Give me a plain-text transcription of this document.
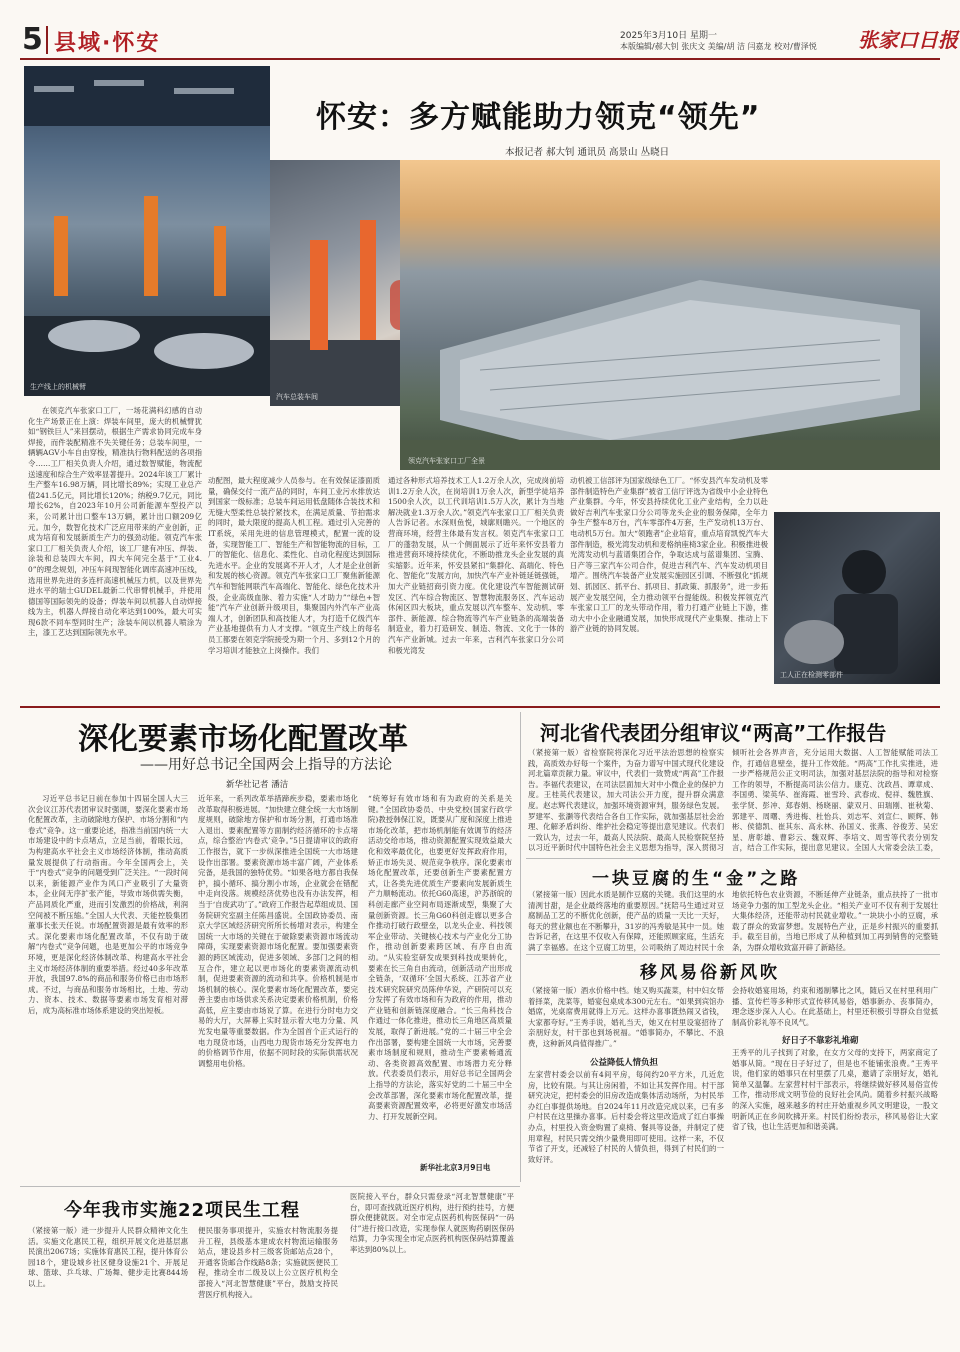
5 县域·怀安	2025年3月10日 星期一
本版编辑/郝大钊 张庆文 美编/胡 洁 闫嘉龙 校对/曹泽悦 张家口日报
生产线上的机械臂
汽车总装车间
领克汽车张家口工厂全景
怀安：多方赋能助力领克“领先”
本报记者 郝大钊 通讯员 高景山 丛晓日
在领克汽车张家口工厂，一场花满科幻感的自动化生产场景正在上演：焊装车间里，庞大的机械臂犹如“钢铁巨人”来回摆动，根据生产需求协同完成车身焊接，而件装配精准不失关键任务；总装车间里，一辆辆AGV小车自由穿梭，精准执行物料配送的各项指令……工厂相关负责人介绍，通过数智赋能，物流配送速度和综合生产效率显著提升。2024年该工厂累计生产整车16.98万辆，同比增长89%；实现工业总产值241.5亿元，同比增长120%；纳税9.7亿元，同比增长62%，自2023年10月公司新能源车型投产以来，公司累计出口整车13万辆，累计出口额209亿元。加今，数智化技术广泛应用带来的产业创新，正成为培育和发展新质生产力的强劲动能。领克汽车张家口工厂相关负责人介绍，该工厂建有冲压、焊装、涂装和总装四大车间，四大车间完全基于“工业4.0”的理念规划，冲压车间现智能化调库高速冲压线，选用世界先进的多连杆高速机械压力机，以及世界先进水平的瑞士GUDEL最新二代串臂机械手，并使用德国等国际领先的设备；焊装车间以机器人自动焊接线为主，机器人焊接自动化率达到100%，最大可实现6款不同车型同时生产；涂装车间以机器人喷涂为主，漆工艺达到国际领先水平。
动配图，最大程度减少人员参与。在有效保证漆面质量，确保交付一流产品的同时，车间工业污水排放达到国家一级标准；总装车间运用低盘随体合装技术和无缝大型柔性总装拧紧技术，在满足质量、节拍需求的同时，最大限度的提高人机工程。通过引入完善的IT系统，采用先进的信息管理模式，配置一流的设备，实现智能工厂、智能生产和智能物流的目标，工厂的智能化、信息化、柔性化、自动化程度达到国际先进水平。企业的发展离不开人才，人才是企业创新和发展的核心资源。领克汽车张家口工厂聚焦新能源汽车和智能网联汽车高端化、智能化、绿色化技术升级，企业高级血脉、着力实施“人才助力”“绿色+智能”汽车产业创新升级项目，集聚国内外汽车产业高端人才，创新团队和高技能人才，为打造千亿级汽车产业基地提供有力人才支撑。“领克生产线上的每名员工都要在领克学院接受为期一个月、多到12个月的学习培训才能独立上岗操作。我们
通过各种形式培养技术工人1.2万余人次，完成岗前培训1.2万余人次，在岗培训1万余人次，新型学徒培养1500余人次，以工代训培训1.5万人次，累计为当地解决就业1.3万余人次。”领克汽车张家口工厂相关负责人告诉记者。水深则鱼悦，城廓则瞻兴。一个地区的营商环境，经营主体最有发言权。领克汽车张家口工厂的蓬勃发展，从一个侧面展示了近年来怀安县着力推进营商环境持续优化，不断助推龙头企业发展的真实缩影。近年来，怀安县紧扣“集群化、高端化、特色化、智能化”发展方向，加快汽车产业补链延链强链，加大产业链招商引资力度。优化建设汽车智能测试研发区、汽车综合物流区、智慧物流服务区、汽车运动休闲区四大板块，重点发展以汽车整车、发动机、零部件、新能源、综合物流等汽车产业链条的高端装备制造业，着力打造研发、制造、物流、文化于一体的汽车产业新城。过去一年来，吉利汽车张家口分公司和极光湾发
动机被工信部评为国家级绿色工厂。“怀安县汽车发动机及零部件制造特色产业集群”被省工信厅评选为省级中小企业特色产业集群。今年，怀安县持续优化工业产业结构，全力以赴做好吉利汽车张家口分公司等龙头企业的服务保障，全年力争生产整车8万台，汽车零部件4万套，生产发动机13万台、电动机5万台。加大“领跑者”企业培育，重点培育凯悦汽车大部件制造，极光湾发动机和麦格纳座椅3家企业。积极推进极光湾发动机与蓝谱集团合作，争取达成与蓝谱集团、宝腾、日产等三家汽车公司合作，促进吉利汽车、汽车发动机项目增产。围绕汽车装备产业发展实施园区引调、不断强化“抓规划、抓园区、抓平台、抓项目、抓政策、抓服务”，进一步拓展产业发展空间，全力推动领平台提能级。积极发挥领克汽车张家口工厂的龙头带动作用，着力打通产业链上下游，推动大中小企业融通发展，加快形成现代产业集聚、推动上下游产业链的协同发展。
工人正在检测零部件
深化要素市场化配置改革
——用好总书记全国两会上指导的方法论
新华社记者 潘洁
习近平总书记日前在参加十四届全国人大三次会议江苏代表团审议时强调，要深化要素市场化配置改革，主动破除地方保护、市场分割和“内卷式”竞争。这一重要论述，指准当前国内统一大市场建设中的卡点堵点，立足当前，着眼长远，为构建高水平社会主义市场经济体制，推动高质量发展提供了行动指南。今年全国两会上，关于“内卷式”竞争的问题受到广泛关注。“一段时间以来，新能源产业作为风口产业吸引了大量资本，企业间无序扩张产能，导致市场供需失衡，产品同质化严重，进而引发激烈的价格战，利润空间被不断压缩。”全国人大代表、天能控股集团董事长张天任说。市场配置资源是最有效率的形式。深化要素市场化配置改革，不仅有助于破解“内卷式”竞争问题，也是更加公平的市场竞争环境，更是深化经济体制改革、构建高水平社会主义市场经济体制的重要举措。经过40多年改革开放，我国97.8%的商品和服务价格已由市场形成。不过，与商品和服务市场相比，土地、劳动力、资本、技术、数据等要素市场发育相对滞后，成为高标准市场体系建设的突出短板。
近年来，一系列改革举措蹄疾步稳，要素市场化改革取得积极进展。“加快建立健全统一大市场制度规则，破除地方保护和市场分割，打通市场准入退出、要素配置等方面制约经济循环的卡点堵点，综合整治‘内卷式’竞争。”5日提请审议的政府工作报告，就下一步纵深推进全国统一大市场建设作出部署。要素资源市场丰富广阔，产业体系完备，是我国的独特优势。“如果各地方都自我保护，搞小循环、搞分割小市场，企业就会在错配中走向没落。规模经济优势也没有办法发挥，相当于‘自废武功’了。”政府工作报告起草组成员、国务院研究室副主任陈昌盛说。全国政协委员、南京大学区域经济研究所所长杨增对表示，构建全国统一大市场的关键在于破除要素资源市场流动障碍，实现要素资源市场化配置。要加强要素资源的跨区域流动，促进多领域、多部门之间的相互合作，建立起以更市场化的要素资源流动机制，促进要素资源的流动和共享。价格机制是市场机制的核心。深化要素市场化配置改革，要完善主要由市场供求关系决定要素价格机制，价格高低，应主要由市场说了算。在进行分时电力交易的大厅，大屏幕上实时显示着大电力分量、风光发电量等重要数据。作为全国首个正式运行的电力现货市场，山西电力现货市场充分发挥电力的价格调节作用，依据不同时段的实际供需状况调整用电价格。
“统筹好有效市场和有为政府的关系是关键。”全国政协委员、中央党校(国家行政学院)教授韩保江说，既要从广度和深度上推进市场化改革，把市场机制能有效调节的经济活动交给市场，推动资源配置实现效益最大化和效率最优化，也要更好发挥政府作用，矫正市场失灵、规范竞争秩序。深化要素市场化配置改革，还要创新生产要素配置方式，让各类先进优质生产要素向发展新质生产力顺畅流动。依托G60高速，沪苏浙皖的科创走廊产业空间布局逐渐成型，集聚了大量创新资源。长三角G60科创走廊以更多合作推动打破行政壁垒，以龙头企业、科技领军企业带动、关键核心技术与产业化分工协作，推动创新要素跨区域、有序自由流动。“从实验室研发成果到科技成果转化，要素在长三角自由流动，创新活动产出形成全链条，‘双循环’全国大系统、江苏省产业技术研究院研究员陈仲华说，产研院可以充分发挥了有效市场和有为政府的作用，推动产业链和创新链深度融合。“长三角科技合作通过一体化推进，推动长三角地区高质量发展，取得了新进展。”党的二十届三中全会作出部署，要构建全国统一大市场，完善要素市场制度和规则，推动生产要素畅通流动、各类资源高效配置、市场潜力充分释放。代表委员们表示，用好总书记全国两会上指导的方法论，落实好党的二十届三中全会改革部署，深化要素市场化配置改革，提高要素资源配置效率，必将更好激发市场活力、打开发展新空间。
新华社北京3月9日电
河北省代表团分组审议“两高”工作报告
（紧接第一版）省检察院将深化习近平法治思想的检察实践，高质效办好每一个案件，为奋力谱写中国式现代化建设河北篇章贡献力量。审议中，代表们一致赞成“两高”工作报告。李福代表建议，在司法层面加大对中小微企业的保护力度。王桂英代表建议，加大司法公开力度，提升群众满意度。赵志辉代表建议，加强环境资源审判，服务绿色发展。罗建军、张灏等代表结合各自工作实际，就加强基层社会治理、化解矛盾纠纷、维护社会稳定等提出意见建议。代表们一致认为，过去一年，最高人民法院、最高人民检察院坚持以习近平新时代中国特色社会主义思想为指导，深入贯彻习
倾听社会各界声音，充分运用大数据、人工智能赋能司法工作，打通信息壁垒，提升工作效能。“两高”工作扎实推进，进一步严格规范公正文明司法，加强对基层法院的指导和对检察工作的领导，不断提高司法公信力。康克、沈政昌、谭章成、李国勇、梁英华、崔海霞、崔雪玲、武春成、倪祥、魏胜旗、张学贤、彭冲、郑春娟、杨晓丽、蒙双月、田瑞刚、崔秋菊、郭建平、周曙、秀进梅、杜怡兵、刘志军、刘宣仁、顾辉、韩彬、侯德凯、崔其东、高永林、孙国义、张燕、谷俊芳、吴宏星、唐彰雄、曹彩云、魏双辉、李培文、周雪等代表分别发言，结合工作实际，提出意见建议。全国人大常委会法工委，
一块豆腐的生“金”之路
（紧接第一版）因此水质是制作豆腐的关键。我们这里的水清洌甘甜，是企业最终落地的重要原因。”抚陪马生通过对豆腐制品工艺的不断优化创新，使产品的质量一天比一天好，每天的营业额也在不断攀升，31岁的冯秀敏是其中一员。她告诉记者，在这里不仅收入有保障，还能照顾家庭，生活充满了幸福感。在这个豆腐工坊里，公司吸纳了周边村民十余
地依托特色农业资源，不断延伸产业链条，重点扶持了一批市场竞争力强的加工型龙头企业。“相关产业可不仅有利于发展壮大集体经济，还能带动村民就业增收。”一块块小小的豆腐，承载了群众的致富梦想。发展特色产业，正是乡村振兴的重要抓手。截至目前，当地已形成了从种植到加工再到销售的完整链条，为群众增收致富开辟了新路径。
移风易俗新风吹
（紧接第一版）酒水价格中档。她又购买蔬菜，村中妇女帮着择菜，洗菜等，婚宴包桌成本300元左右。“如果到宾馆办婚席，光桌席费用就得上万元。这样办喜事既热闹又省钱，大家都夸好。”王秀手说，婚礼当天，她又在村里设宴招待了亲朋好友，村干部也到场祝福。“婚事简办，不攀比、不浪费，这种新风尚值得推广。”
公益降低人情负担
左家营村委会以前有4间平房，每间约20平方米，几近危房，比较有限。与其让房闲着，不如让其发挥作用。村干部研究决定，把村委会的旧房改造成集体活动场所，为村民举办红白事提供场地。自2024年11月改造完成以来，已有多户村民在这里操办喜事。后村委会将这里改造成了红白事操办点，村里投入资金购置了桌椅、餐具等设备，并制定了使用章程，村民只需交纳少量费用即可使用。这样一来，不仅节省了开支，还减轻了村民的人情负担，得到了村民们的一致好评。
会持收婚宴用场，约束和遏制攀比之风，随后又在村里利用广播、宣传栏等多种形式宣传移风易俗，婚事新办、丧事简办，理念逐步深入人心。在此基础上，村里还积极引导群众自觉抵制高价彩礼等不良风气。
好日子不靠彩礼堆砌
王秀平的儿子找到了对象，在女方父母的支持下，两家商定了婚事从简。“现在日子好过了，但是也不能铺张浪费。”王秀平说，他们家的婚事只在村里摆了几桌，邀请了亲朋好友，婚礼简单又温馨。左家营村村干部表示，将继续做好移风易俗宣传工作，推动形成文明节俭的良好社会风尚。随着乡村振兴战略的深入实施，越来越多的村庄开始重视乡风文明建设，一股文明新风正在乡间吹拂开来。村民们纷纷表示，移风易俗让大家省了钱，也让生活更加和谐美满。
今年我市实施22项民生工程
（紧接第一版）进一步提升人民群众精神文化生活。实施文化惠民工程，组织开展文化进基层惠民演出2067场；实施体育惠民工程，提升体育公园18个，建设城乡社区健身设施21个、开展足球、篮球、乒乓球、广场舞、健步走比赛844场以上。
便民服务事项提升，实施农村物流服务提升工程，县级基本建成农村物流运输服务站点，建设县乡村三级客货邮站点28个，开通客货邮合作线路8条；实施就医便民工程，推动全市二级及以上公立医疗机构全部接入“河北智慧健康”平台，鼓励支持民营医疗机构接入。
医院接入平台，群众只需登录“河北智慧健康”平台，即可查找就近医疗机构，进行预约挂号，方便群众便捷就医。对全市定点医药机构医保码“一码付”进行接口改造，实现参保人就医购药刷医保码结算，力争实现全市定点医药机构医保码结算覆盖率达到80%以上。
